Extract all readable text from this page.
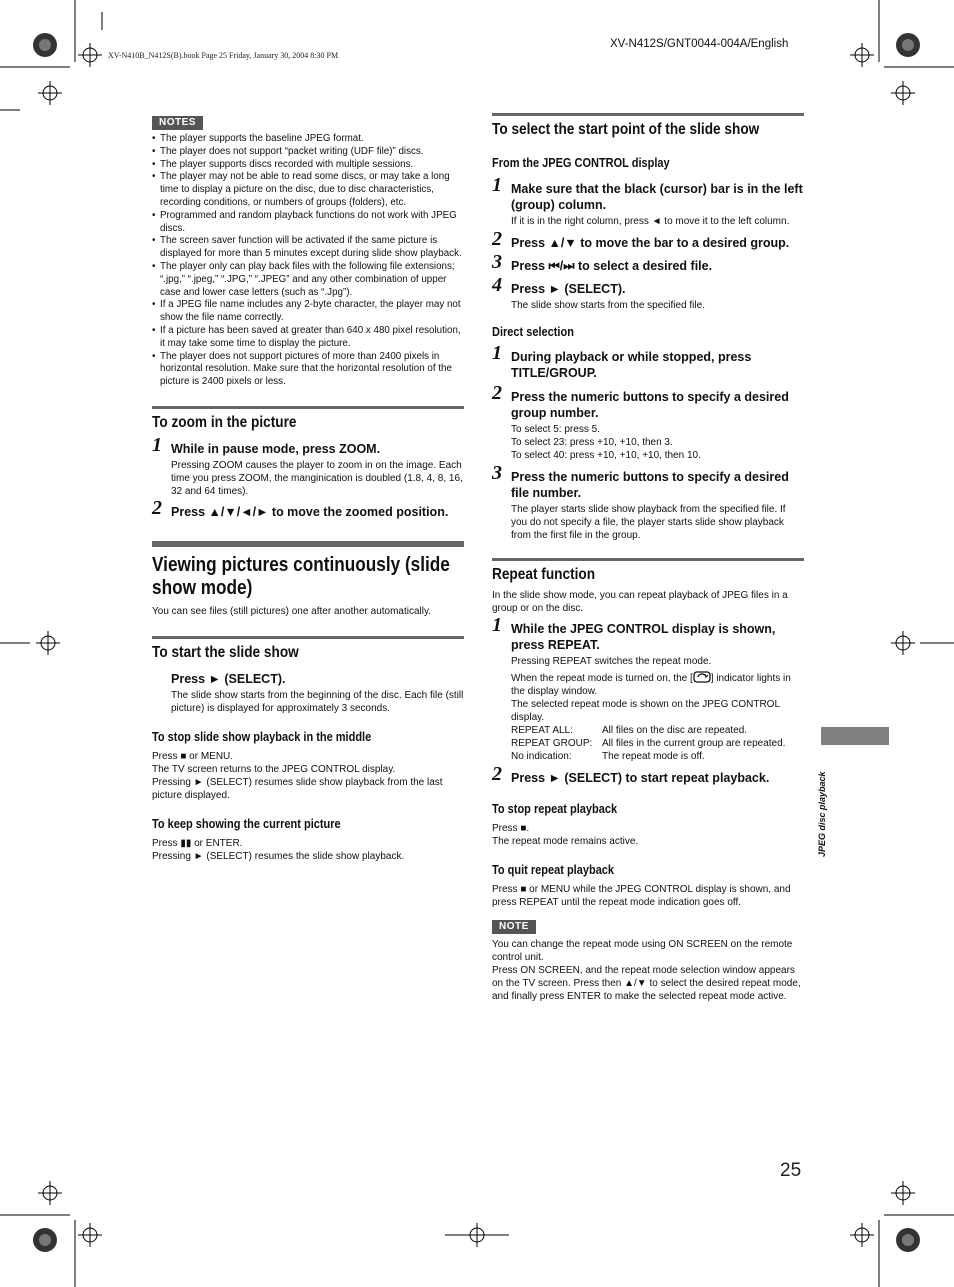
XV-N410B_N412S(B).book Page 25 Friday, January 30, 2004 8:30 PM
XV-N412S/GNT0044-004A/English
NOTES
• The player supports the baseline JPEG format.
• The player does not support “packet writing (UDF file)” discs.
• The player supports discs recorded with multiple sessions.
• The player may not be able to read some discs, or may take a long time to display a picture on the disc, due to disc characteristics, recording conditions, or numbers of groups (folders), etc.
• Programmed and random playback functions do not work with JPEG discs.
• The screen saver function will be activated if the same picture is displayed for more than 5 minutes except during slide show playback.
• The player only can play back files with the following file extensions; “.jpg,” “.jpeg,” “.JPG,” “.JPEG” and any other combination of upper case and lower case letters (such as “.Jpg”).
• If a JPEG file name includes any 2-byte character, the player may not show the file name correctly.
• If a picture has been saved at greater than 640 x 480 pixel resolution, it may take some time to display the picture.
• The player does not support pictures of more than 2400 pixels in horizontal resolution. Make sure that the horizontal resolution of the picture is 2400 pixels or less.

To zoom in the picture

1 While in pause mode, press ZOOM.
Pressing ZOOM causes the player to zoom in on the image. Each time you press ZOOM, the manginication is doubled (1.8, 4, 8, 16, 32 and 64 times).
2 Press ▲/▼/◄/► to move the zoomed position.

Viewing pictures continuously (slide show mode)

You can see files (still pictures) one after another automatically.

To start the slide show

Press ► (SELECT).
The slide show starts from the beginning of the disc. Each file (still picture) is displayed for approximately 3 seconds.

To stop slide show playback in the middle

Press ■ or MENU.
The TV screen returns to the JPEG CONTROL display.
Pressing ► (SELECT) resumes slide show playback from the last picture displayed.

To keep showing the current picture

Press ▮▮ or ENTER.
Pressing ► (SELECT) resumes the slide show playback.

To select the start point of the slide show

From the JPEG CONTROL display

1 Make sure that the black (cursor) bar is in the left (group) column.
If it is in the right column, press ◄ to move it to the left column.
2 Press ▲/▼ to move the bar to a desired group.
3 Press ⏮/⏭ to select a desired file.
4 Press ► (SELECT).
The slide show starts from the specified file.

Direct selection

1 During playback or while stopped, press TITLE/GROUP.
2 Press the numeric buttons to specify a desired group number.
To select 5: press 5.
To select 23: press +10, +10, then 3.
To select 40: press +10, +10, +10, then 10.
3 Press the numeric buttons to specify a desired file number.
The player starts slide show playback from the specified file. If you do not specify a file, the player starts slide show playback from the first file in the group.

Repeat function

In the slide show mode, you can repeat playback of JPEG files in a group or on the disc.
1 While the JPEG CONTROL display is shown, press REPEAT.
Pressing REPEAT switches the repeat mode.
When the repeat mode is turned on, the [ ] indicator lights in the display window.
The selected repeat mode is shown on the JPEG CONTROL display.
REPEAT ALL:	All files on the disc are repeated.
REPEAT GROUP: All files in the current group are repeated.
No indication:	The repeat mode is off.
2 Press ► (SELECT) to start repeat playback.

To stop repeat playback

Press ■.
The repeat mode remains active.

To quit repeat playback

Press ■ or MENU while the JPEG CONTROL display is shown, and press REPEAT until the repeat mode indication goes off.
NOTE
You can change the repeat mode using ON SCREEN on the remote control unit.
Press ON SCREEN, and the repeat mode selection window appears on the TV screen. Press then ▲/▼ to select the desired repeat mode, and finally press ENTER to make the selected repeat mode active.
JPEG disc playback
25
